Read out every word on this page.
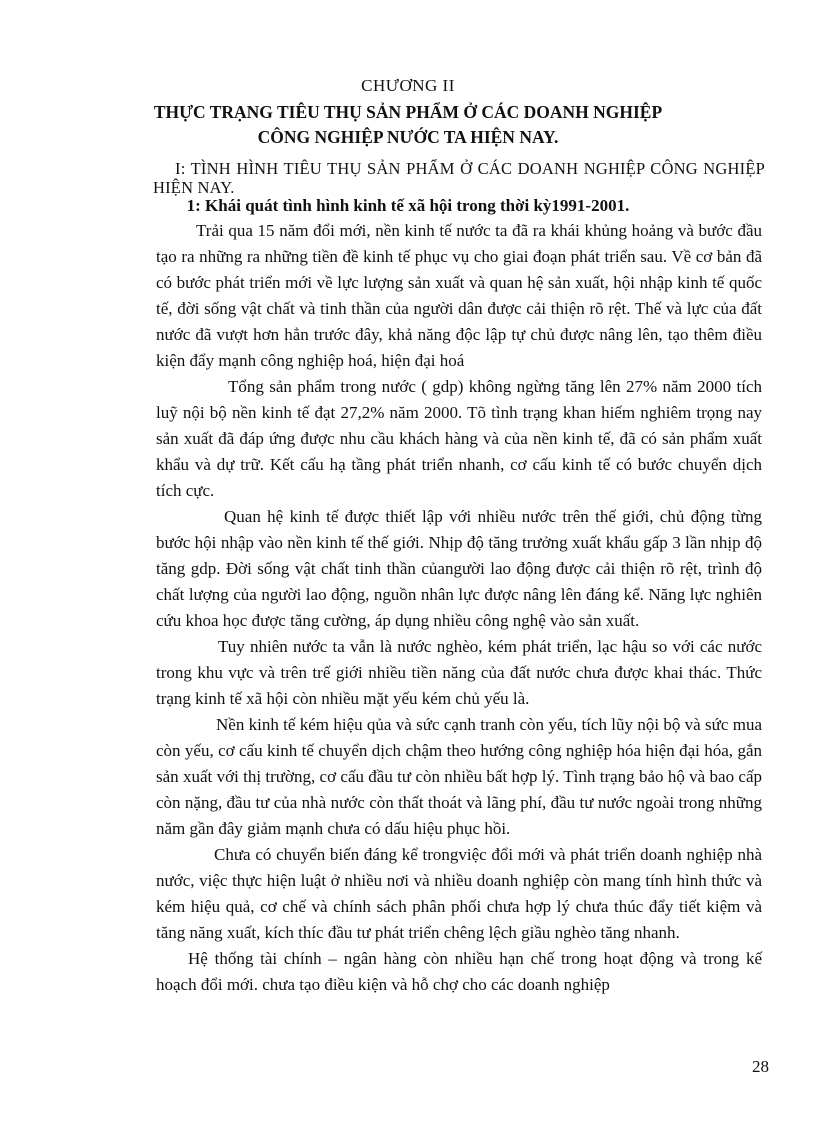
CHƯƠNG II
THỰC TRẠNG TIÊU THỤ SẢN PHẨM Ở CÁC DOANH NGHIỆP
CÔNG NGHIỆP NƯỚC TA HIỆN NAY.
I: TÌNH HÌNH TIÊU THỤ SẢN PHẨM Ở CÁC DOANH NGHIỆP CÔNG NGHIỆP HIỆN NAY.
1: Khái quát tình hình kinh tế xã hội trong thời kỳ1991-2001.

Trải qua 15 năm đổi mới, nền kinh tế nước ta đã ra khái khủng hoảng và bước đầu tạo ra những ra những tiền đề kinh tế phục vụ cho giai đoạn phát triển sau. Về cơ bản đã có bước phát triển mới về lực lượng sản xuất và quan hệ sản xuất, hội nhập kinh tế quốc tế, đời sống vật chất và tinh thần của người dân được cải thiện rõ rệt. Thế và lực của đất nước đã vượt hơn hẳn trước đây, khả năng độc lập tự chủ được nâng lên, tạo thêm điều kiện đẩy mạnh công nghiệp hoá, hiện đại hoá

Tổng sản phẩm trong nước ( gdp) không ngừng tăng lên 27% năm 2000 tích luỹ nội bộ nền kinh tế đạt 27,2% năm 2000. Tõ tình trạng khan hiếm nghiêm trọng nay sản xuất đã đáp ứng được nhu cầu khách hàng và của nền kinh tế, đã có sản phẩm xuất khẩu và dự trữ. Kết cấu hạ tầng phát triển nhanh, cơ cấu kinh tế có bước chuyển dịch tích cực.

Quan hệ kinh tế được thiết lập với nhiều nước trên thế giới, chủ động từng bước hội nhập vào nền kinh tế thế giới. Nhịp độ tăng trưởng xuất khẩu gấp 3 lần nhịp độ tăng gdp. Đời sống vật chất tinh thần củangười lao động được cải thiện rõ rệt, trình độ chất lượng của người lao động, nguồn nhân lực được nâng lên đáng kể. Năng lực nghiên cứu khoa học được tăng cường, áp dụng nhiều công nghệ vào sản xuất.

Tuy nhiên nước ta vẫn là nước nghèo, kém phát triển, lạc hậu so với các nước trong khu vực và trên trế giới nhiều tiền năng của đất nước chưa được khai thác. Thức trạng kinh tế xã hội còn nhiều mặt yếu kém chủ yếu là.

Nền kinh tế kém hiệu qủa và sức cạnh tranh còn yếu, tích lũy nội bộ và sức mua còn yếu, cơ cấu kinh tế chuyển dịch chậm theo hướng công nghiệp hóa hiện đại hóa, gắn sản xuất với thị trường, cơ cấu đầu tư còn nhiều bất hợp lý. Tình trạng bảo hộ và bao cấp còn nặng, đầu tư của nhà nước còn thất thoát và lãng phí, đầu tư nước ngoài trong những năm gần đây giảm mạnh chưa có dấu hiệu phục hồi.

Chưa có chuyển biến đáng kể trongviệc đổi mới và phát triển doanh nghiệp nhà nước, việc thực hiện luật ở nhiều nơi và nhiều doanh nghiệp còn mang tính hình thức và kém hiệu quả, cơ chế và chính sách phân phối chưa hợp lý chưa thúc đẩy tiết kiệm và tăng năng xuất, kích thíc đầu tư phát triển chêng lệch giầu nghèo tăng nhanh.

Hệ thống tài chính – ngân hàng còn nhiều hạn chế trong hoạt động và trong kế hoạch đổi mới. chưa tạo điều kiện và hỗ chợ cho các doanh nghiệp

28
